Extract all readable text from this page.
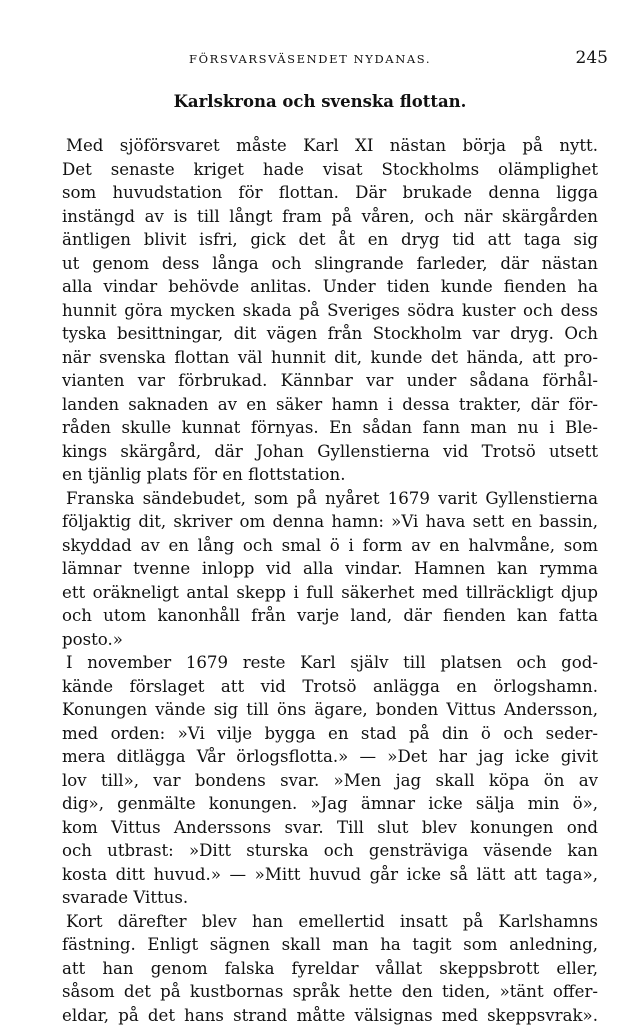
FÖRSVARSVÄSENDET NYDANAS.	245
Karlskrona och svenska flottan.
Med sjöförsvaret måste Karl XI nästan börja på nytt.
Det senaste kriget hade visat Stockholms olämplighet
som huvudstation för flottan. Där brukade denna ligga
instängd av is till långt fram på våren, och när skärgården
äntligen blivit isfri, gick det åt en dryg tid att taga sig
ut genom dess långa och slingrande farleder, där nästan
alla vindar behövde anlitas. Under tiden kunde fienden ha
hunnit göra mycken skada på Sveriges södra kuster och dess
tyska besittningar, dit vägen från Stockholm var dryg. Och
när svenska flottan väl hunnit dit, kunde det hända, att pro-
vianten var förbrukad. Kännbar var under sådana förhål-
landen saknaden av en säker hamn i dessa trakter, där för-
råden skulle kunnat förnyas. En sådan fann man nu i Ble-
kings skärgård, där Johan Gyllenstierna vid Trotsö utsett
en tjänlig plats för en flottstation.
Franska sändebudet, som på nyåret 1679 varit Gyllenstierna
följaktig dit, skriver om denna hamn: »Vi hava sett en bassin,
skyddad av en lång och smal ö i form av en halvmåne, som
lämnar tvenne inlopp vid alla vindar. Hamnen kan rymma
ett oräkneligt antal skepp i full säkerhet med tillräckligt djup
och utom kanonhåll från varje land, där fienden kan fatta
posto.»
I november 1679 reste Karl själv till platsen och god-
kände förslaget att vid Trotsö anlägga en örlogshamn.
Konungen vände sig till öns ägare, bonden Vittus Andersson,
med orden: »Vi vilje bygga en stad på din ö och seder-
mera ditlägga Vår örlogsflotta.» — »Det har jag icke givit
lov till», var bondens svar. »Men jag skall köpa ön av
dig», genmälte konungen. »Jag ämnar icke sälja min ö»,
kom Vittus Anderssons svar. Till slut blev konungen ond
och utbrast: »Ditt sturska och gensträviga väsende kan
kosta ditt huvud.» — »Mitt huvud går icke så lätt att taga»,
svarade Vittus.
Kort därefter blev han emellertid insatt på Karlshamns
fästning. Enligt sägnen skall man ha tagit som anledning,
att han genom falska fyreldar vållat skeppsbrott eller,
såsom det på kustbornas språk hette den tiden, »tänt offer-
eldar, på det hans strand måtte välsignas med skeppsvrak».
